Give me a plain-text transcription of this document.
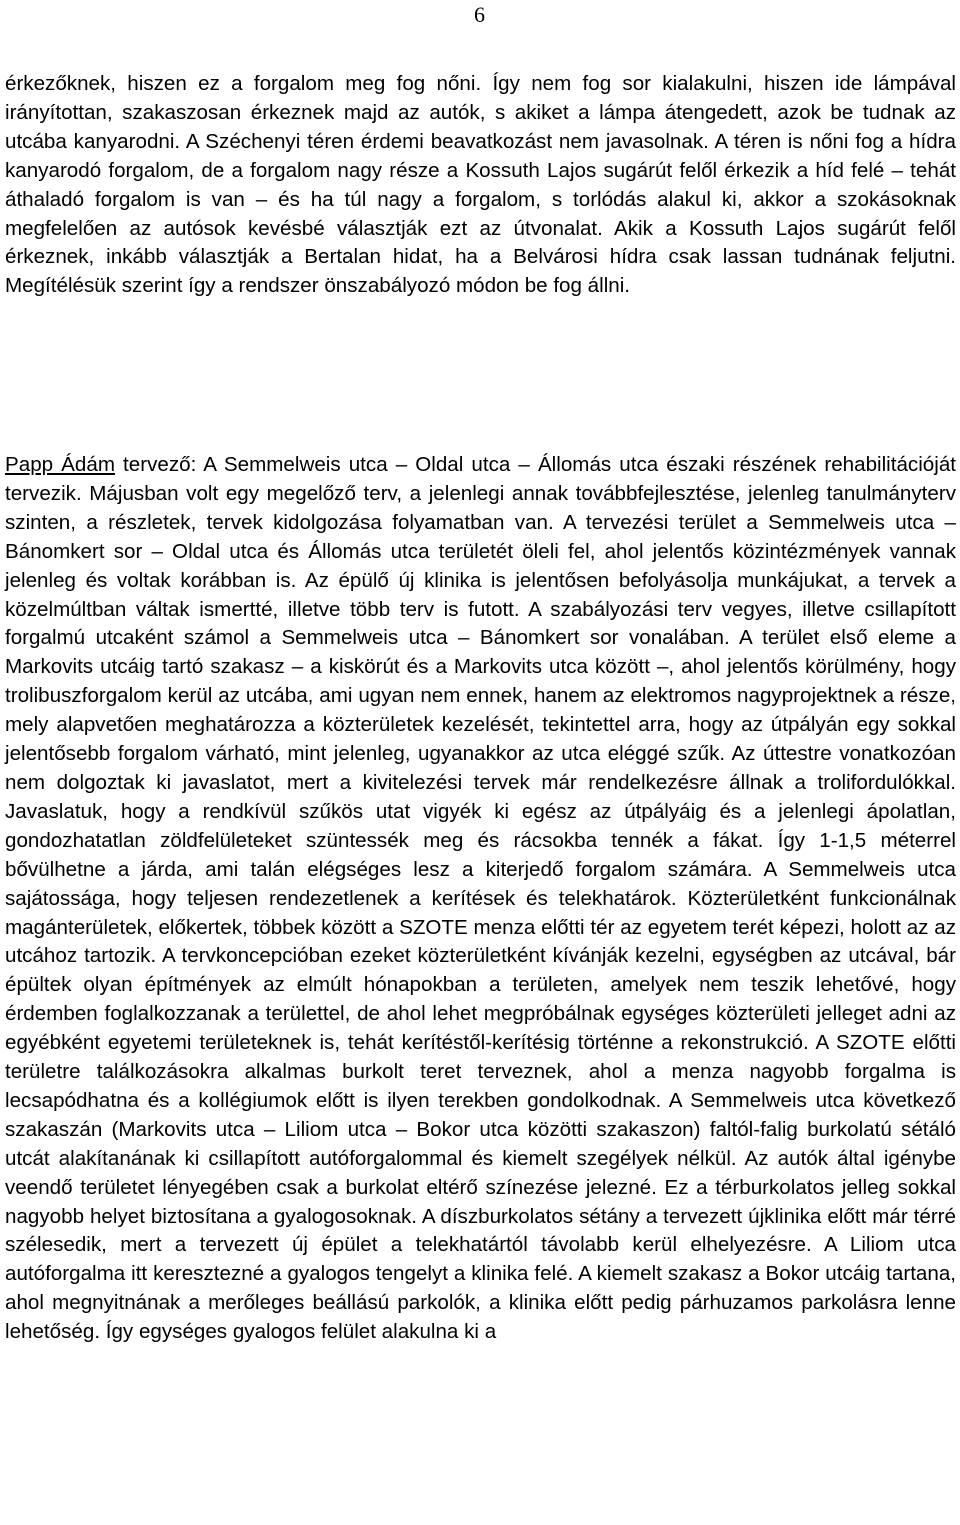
6

érkezőknek, hiszen ez a forgalom meg fog nőni. Így nem fog sor kialakulni, hiszen ide lámpával irányítottan, szakaszosan érkeznek majd az autók, s akiket a lámpa átengedett, azok be tudnak az utcába kanyarodni. A Széchenyi téren érdemi beavatkozást nem javasolnak. A téren is nőni fog a hídra kanyarodó forgalom, de a forgalom nagy része a Kossuth Lajos sugárút felől érkezik a híd felé – tehát áthaladó forgalom is van – és ha túl nagy a forgalom, s torlódás alakul ki, akkor a szokásoknak megfelelően az autósok kevésbé választják ezt az útvonalat. Akik a Kossuth Lajos sugárút felől érkeznek, inkább választják a Bertalan hidat, ha a Belvárosi hídra csak lassan tudnának feljutni. Megítélésük szerint így a rendszer önszabályozó módon be fog állni.

Papp Ádám tervező: A Semmelweis utca – Oldal utca – Állomás utca északi részének rehabilitációját tervezik. Májusban volt egy megelőző terv, a jelenlegi annak továbbfejlesztése, jelenleg tanulmányterv szinten, a részletek, tervek kidolgozása folyamatban van. A tervezési terület a Semmelweis utca – Bánomkert sor – Oldal utca és Állomás utca területét öleli fel, ahol jelentős közintézmények vannak jelenleg és voltak korábban is. Az épülő új klinika is jelentősen befolyásolja munkájukat, a tervek a közelmúltban váltak ismertté, illetve több terv is futott. A szabályozási terv vegyes, illetve csillapított forgalmú utcaként számol a Semmelweis utca – Bánomkert sor vonalában. A terület első eleme a Markovits utcáig tartó szakasz – a kiskörút és a Markovits utca között –, ahol jelentős körülmény, hogy trolibuszforgalom kerül az utcába, ami ugyan nem ennek, hanem az elektromos nagyprojektnek a része, mely alapvetően meghatározza a közterületek kezelését, tekintettel arra, hogy az útpályán egy sokkal jelentősebb forgalom várható, mint jelenleg, ugyanakkor az utca eléggé szűk. Az úttestre vonatkozóan nem dolgoztak ki javaslatot, mert a kivitelezési tervek már rendelkezésre állnak a trolifordulókkal. Javaslatuk, hogy a rendkívül szűkös utat vigyék ki egész az útpályáig és a jelenlegi ápolatlan, gondozhatatlan zöldfelületeket szüntessék meg és rácsokba tennék a fákat. Így 1-1,5 méterrel bővülhetne a járda, ami talán elégséges lesz a kiterjedő forgalom számára. A Semmelweis utca sajátossága, hogy teljesen rendezetlenek a kerítések és telekhatárok. Közterületként funkcionálnak magánterületek, előkertek, többek között a SZOTE menza előtti tér az egyetem terét képezi, holott az az utcához tartozik. A tervkoncepcióban ezeket közterületként kívánják kezelni, egységben az utcával, bár épültek olyan építmények az elmúlt hónapokban a területen, amelyek nem teszik lehetővé, hogy érdemben foglalkozzanak a területtel, de ahol lehet megpróbálnak egységes közterületi jelleget adni az egyébként egyetemi területeknek is, tehát kerítéstől-kerítésig történne a rekonstrukció. A SZOTE előtti területre találkozásokra alkalmas burkolt teret terveznek, ahol a menza nagyobb forgalma is lecsapódhatna és a kollégiumok előtt is ilyen terekben gondolkodnak. A Semmelweis utca következő szakaszán (Markovits utca – Liliom utca – Bokor utca közötti szakaszon) faltól-falig burkolatú sétáló utcát alakítanának ki csillapított autóforgalommal és kiemelt szegélyek nélkül. Az autók által igénybe veendő területet lényegében csak a burkolat eltérő színezése jelezné. Ez a térburkolatos jelleg sokkal nagyobb helyet biztosítana a gyalogosoknak. A díszburkolatos sétány a tervezett újklinika előtt már térré szélesedik, mert a tervezett új épület a telekhatártól távolabb kerül elhelyezésre. A Liliom utca autóforgalma itt keresztezné a gyalogos tengelyt a klinika felé. A kiemelt szakasz a Bokor utcáig tartana, ahol megnyitnának a merőleges beállású parkolók, a klinika előtt pedig párhuzamos parkolásra lenne lehetőség. Így egységes gyalogos felület alakulna ki a
